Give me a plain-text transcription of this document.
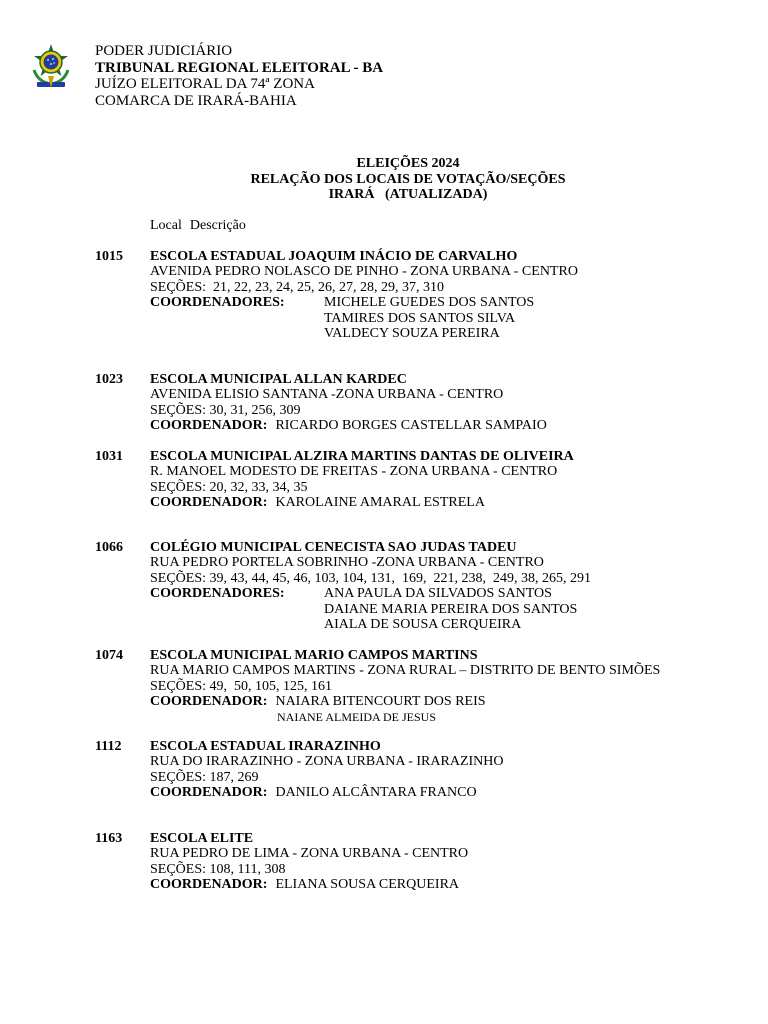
PODER JUDICIÁRIO
TRIBUNAL REGIONAL ELEITORAL - BA
JUÍZO ELEITORAL DA 74ª ZONA
COMARCA DE IRARÁ-BAHIA
ELEIÇÕES 2024
RELAÇÃO DOS LOCAIS DE VOTAÇÃO/SEÇÕES
IRARÁ   (ATUALIZADA)
Local Descrição
1015 ESCOLA ESTADUAL JOAQUIM INÁCIO DE CARVALHO
AVENIDA PEDRO NOLASCO DE PINHO - ZONA URBANA - CENTRO
SEÇÕES:  21, 22, 23, 24, 25, 26, 27, 28, 29, 37, 310
COORDENADORES:	MICHELE GUEDES DOS SANTOS
TAMIRES DOS SANTOS SILVA
VALDECY SOUZA PEREIRA
1023 ESCOLA MUNICIPAL ALLAN KARDEC
AVENIDA ELISIO SANTANA -ZONA URBANA - CENTRO
SEÇÕES: 30, 31, 256, 309
COORDENADOR: RICARDO BORGES CASTELLAR SAMPAIO
1031 ESCOLA MUNICIPAL ALZIRA MARTINS DANTAS DE OLIVEIRA
R. MANOEL MODESTO DE FREITAS - ZONA URBANA - CENTRO
SEÇÕES: 20, 32, 33, 34, 35
COORDENADOR: KAROLAINE AMARAL ESTRELA
1066 COLÉGIO MUNICIPAL CENECISTA SAO JUDAS TADEU
RUA PEDRO PORTELA SOBRINHO -ZONA URBANA - CENTRO
SEÇÕES: 39, 43, 44, 45, 46, 103, 104, 131,  169,  221, 238,  249, 38, 265, 291
COORDENADORES:	ANA PAULA DA SILVADOS SANTOS
DAIANE MARIA PEREIRA DOS SANTOS
AIALA DE SOUSA CERQUEIRA
1074 ESCOLA MUNICIPAL MARIO CAMPOS MARTINS
RUA MARIO CAMPOS MARTINS - ZONA RURAL – DISTRITO DE BENTO SIMÕES
SEÇÕES: 49,  50, 105, 125, 161
COORDENADOR: NAIARA BITENCOURT DOS REIS
NAIANE ALMEIDA DE JESUS
1112 ESCOLA ESTADUAL IRARAZINHO
RUA DO IRARAZINHO - ZONA URBANA - IRARAZINHO
SEÇÕES: 187, 269
COORDENADOR: DANILO ALCÂNTARA FRANCO
1163 ESCOLA ELITE
RUA PEDRO DE LIMA - ZONA URBANA - CENTRO
SEÇÕES: 108, 111, 308
COORDENADOR: ELIANA SOUSA CERQUEIRA
